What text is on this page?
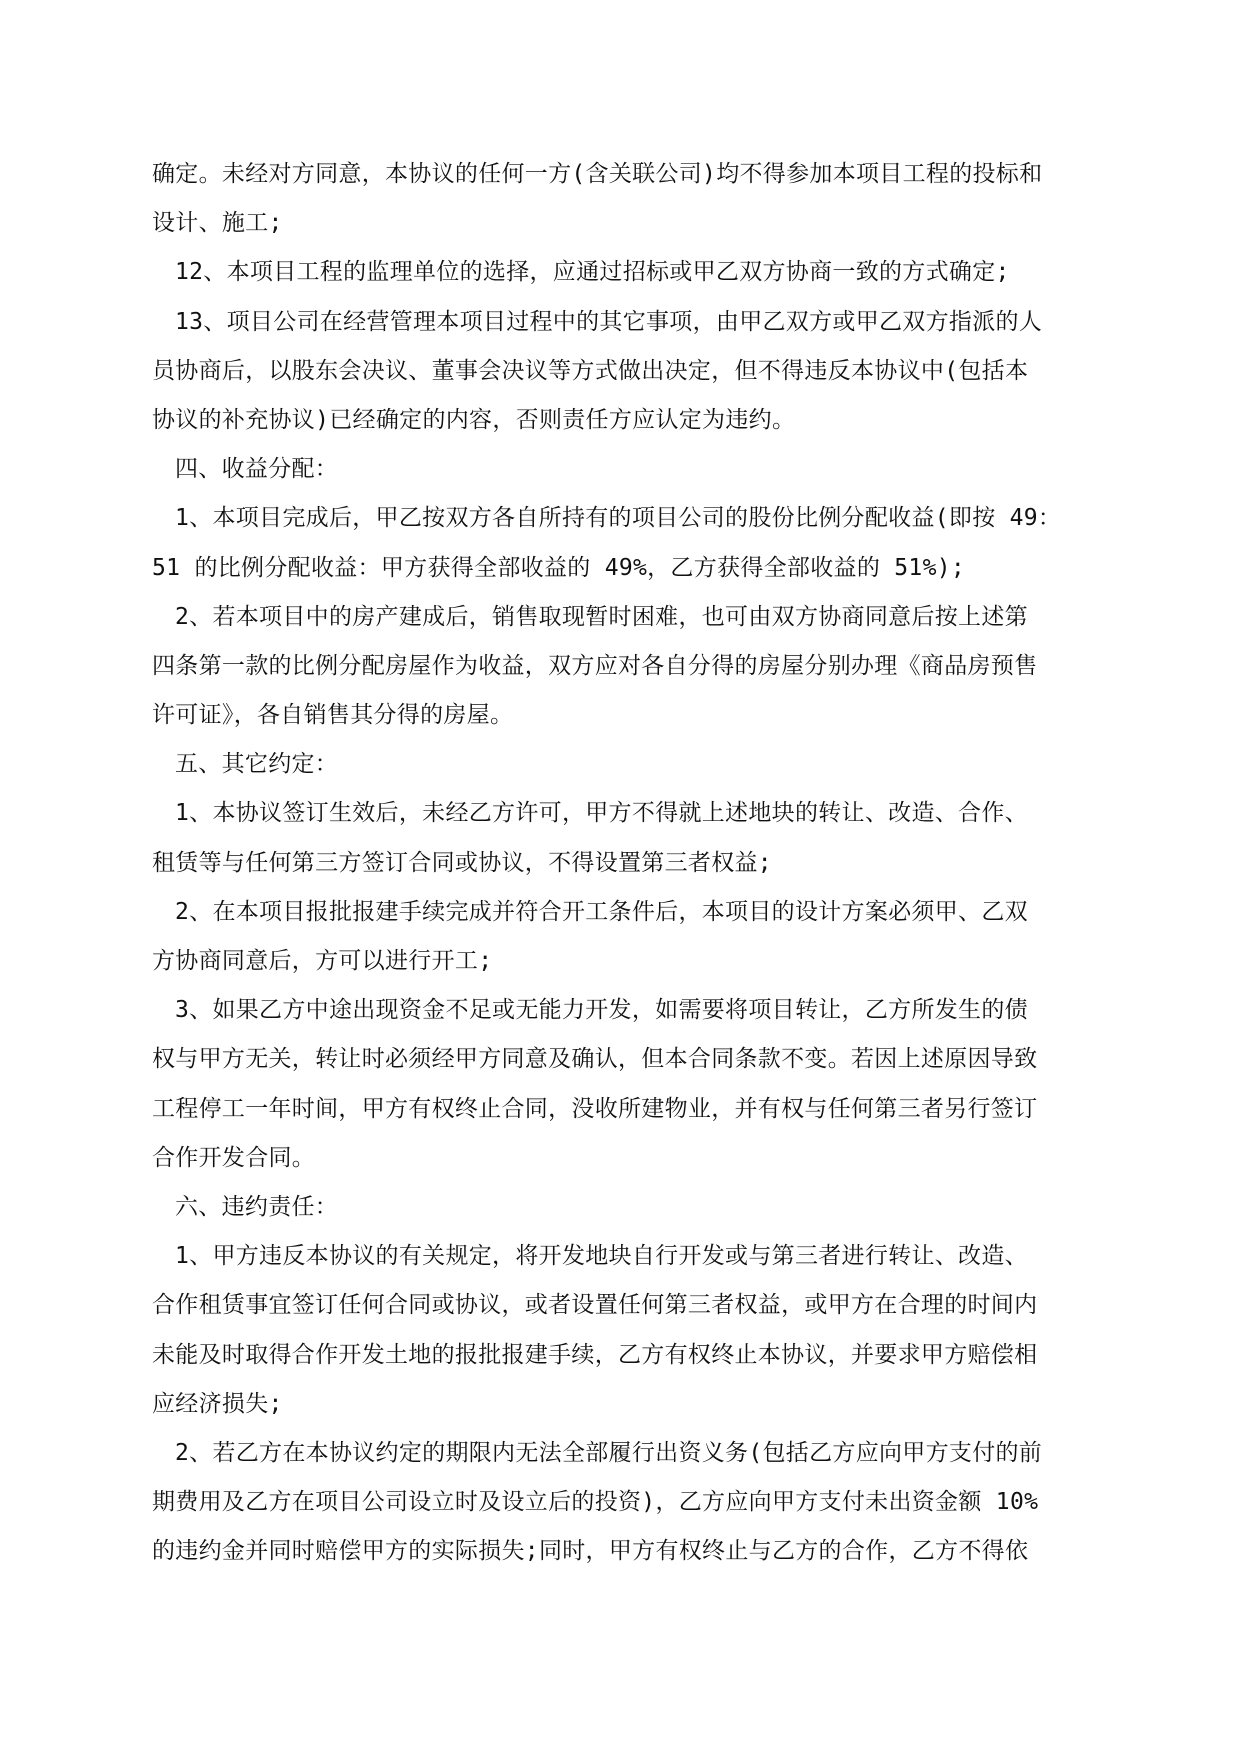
确定。未经对方同意，本协议的任何一方(含关联公司)均不得参加本项目工程的投标和
设计、施工;
12、本项目工程的监理单位的选择，应通过招标或甲乙双方协商一致的方式确定;
13、项目公司在经营管理本项目过程中的其它事项，由甲乙双方或甲乙双方指派的人
员协商后，以股东会决议、董事会决议等方式做出决定，但不得违反本协议中(包括本
协议的补充协议)已经确定的内容，否则责任方应认定为违约。
四、收益分配：
1、本项目完成后，甲乙按双方各自所持有的项目公司的股份比例分配收益(即按 49：
51 的比例分配收益：甲方获得全部收益的 49%，乙方获得全部收益的 51%);
2、若本项目中的房产建成后，销售取现暂时困难，也可由双方协商同意后按上述第
四条第一款的比例分配房屋作为收益，双方应对各自分得的房屋分别办理《商品房预售
许可证》，各自销售其分得的房屋。
五、其它约定：
1、本协议签订生效后，未经乙方许可，甲方不得就上述地块的转让、改造、合作、
租赁等与任何第三方签订合同或协议，不得设置第三者权益;
2、在本项目报批报建手续完成并符合开工条件后，本项目的设计方案必须甲、乙双
方协商同意后，方可以进行开工;
3、如果乙方中途出现资金不足或无能力开发，如需要将项目转让，乙方所发生的债
权与甲方无关，转让时必须经甲方同意及确认，但本合同条款不变。若因上述原因导致
工程停工一年时间，甲方有权终止合同，没收所建物业，并有权与任何第三者另行签订
合作开发合同。
六、违约责任：
1、甲方违反本协议的有关规定，将开发地块自行开发或与第三者进行转让、改造、
合作租赁事宜签订任何合同或协议，或者设置任何第三者权益，或甲方在合理的时间内
未能及时取得合作开发土地的报批报建手续，乙方有权终止本协议，并要求甲方赔偿相
应经济损失;
2、若乙方在本协议约定的期限内无法全部履行出资义务(包括乙方应向甲方支付的前
期费用及乙方在项目公司设立时及设立后的投资)，乙方应向甲方支付未出资金额 10%
的违约金并同时赔偿甲方的实际损失;同时，甲方有权终止与乙方的合作，乙方不得依
